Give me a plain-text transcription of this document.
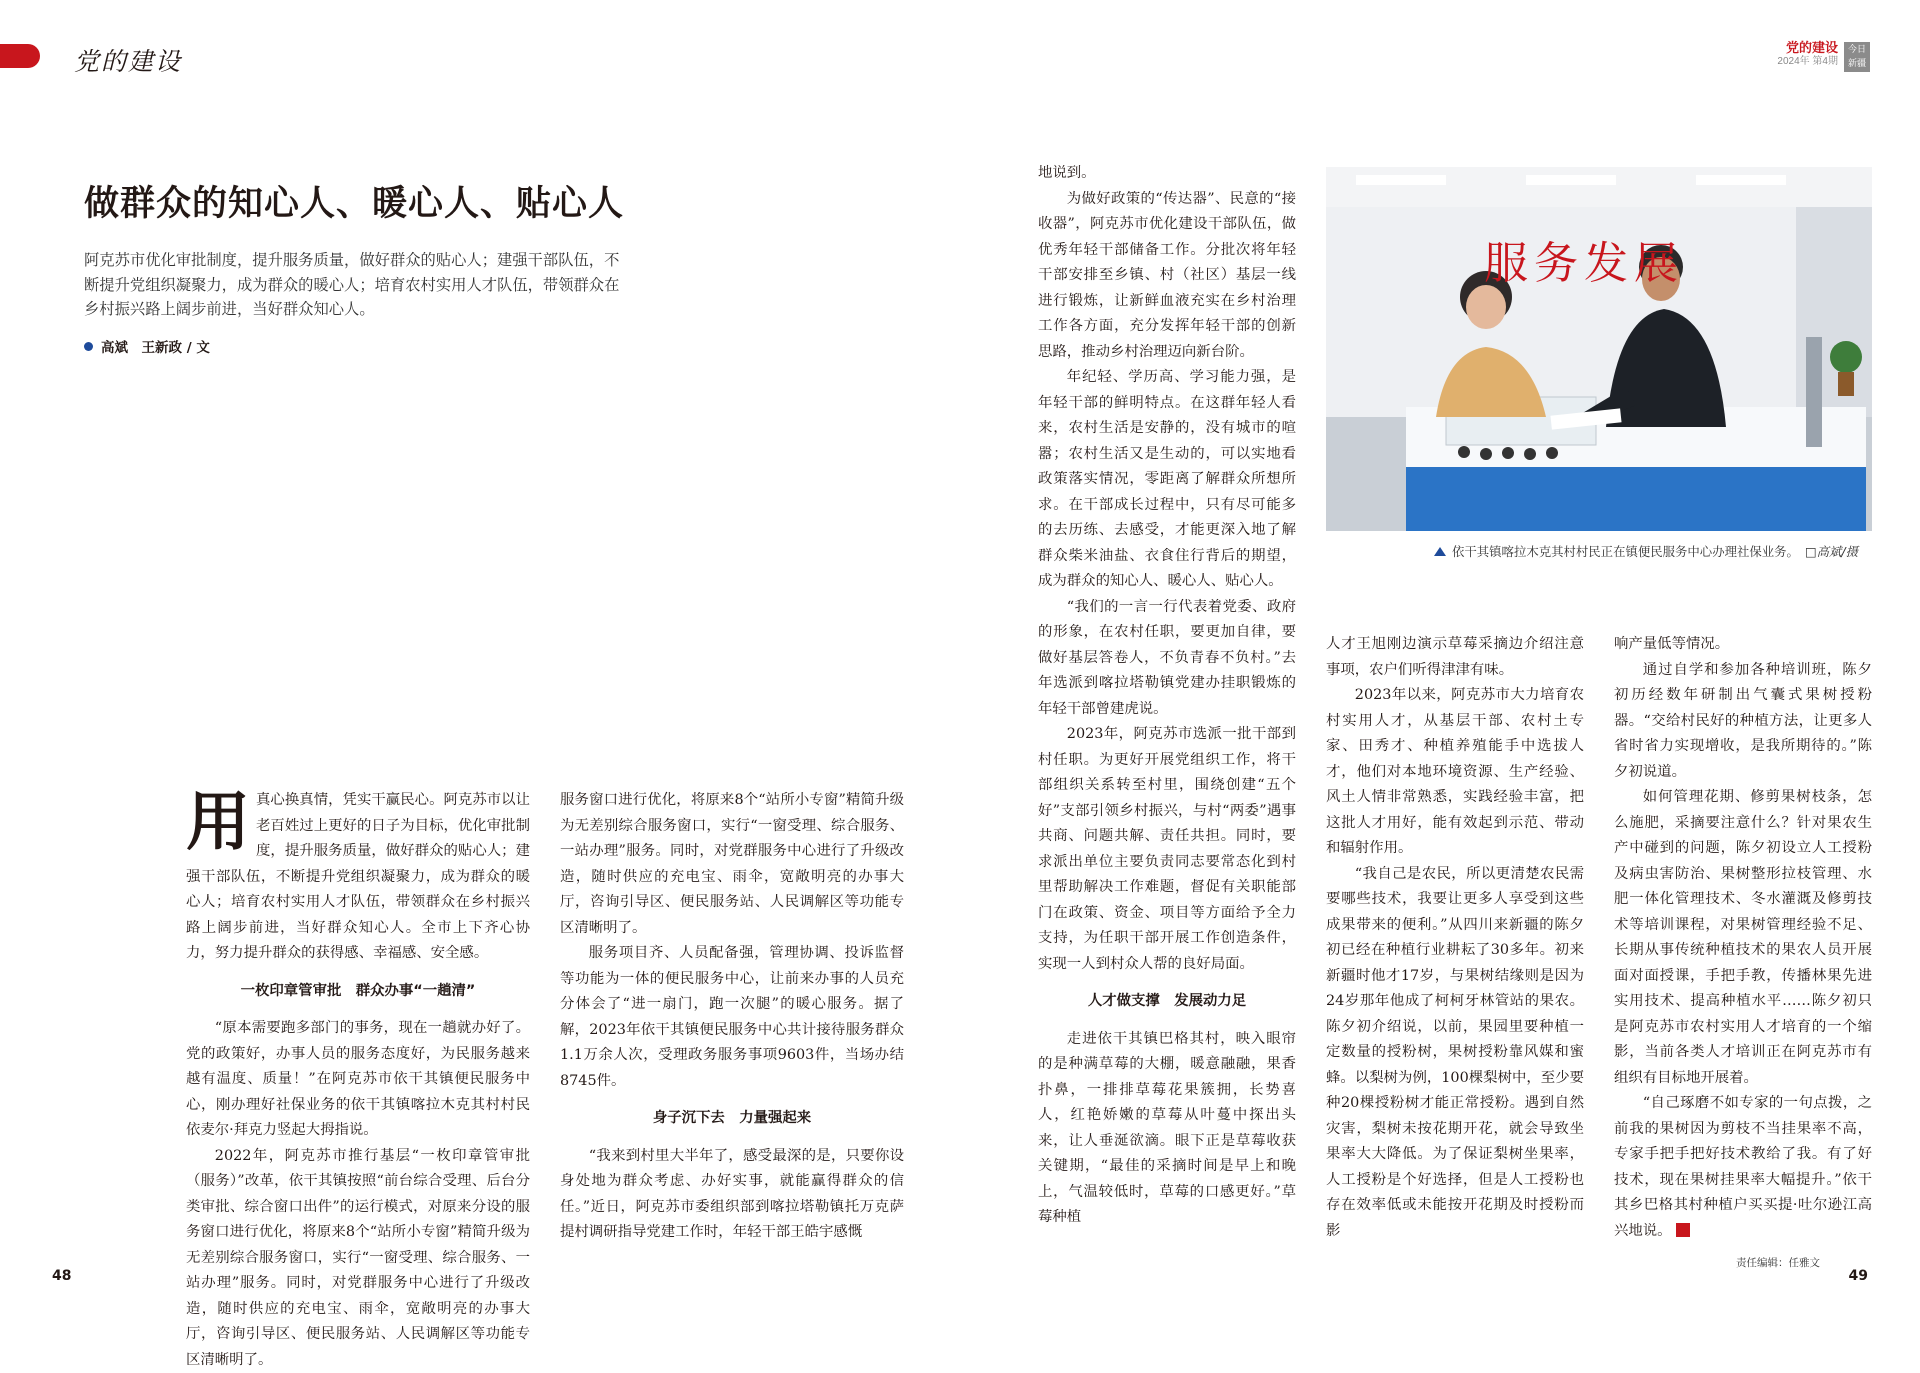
党的建设	党的建设
2024年 第4期
今日新疆
做群众的知心人、暖心人、贴心人
阿克苏市优化审批制度，提升服务质量，做好群众的贴心人；建强干部队伍，不断提升党组织凝聚力，成为群众的暖心人；培育农村实用人才队伍，带领群众在乡村振兴路上阔步前进，当好群众知心人。
高斌　王新政 / 文

用真心换真情，凭实干赢民心。阿克苏市以让老百姓过上更好的日子为目标，优化审批制度，提升服务质量，做好群众的贴心人；建强干部队伍，不断提升党组织凝聚力，成为群众的暖心人；培育农村实用人才队伍，带领群众在乡村振兴路上阔步前进，当好群众知心人。全市上下齐心协力，努力提升群众的获得感、幸福感、安全感。

一枚印章管审批　群众办事“一趟清”

“原本需要跑多部门的事务，现在一趟就办好了。党的政策好，办事人员的服务态度好，为民服务越来越有温度、质量！”在阿克苏市依干其镇便民服务中心，刚办理好社保业务的依干其镇喀拉木克其村村民依麦尔·拜克力竖起大拇指说。

2022年，阿克苏市推行基层“一枚印章管审批（服务）”改革，依干其镇按照“前台综合受理、后台分类审批、综合窗口出件”的运行模式，对原来分设的服务窗口进行优化，将原来8个“站所小专窗”精简升级为无差别综合服务窗口，实行“一窗受理、综合服务、一站办理”服务。同时，对党群服务中心进行了升级改造，随时供应的充电宝、雨伞，宽敞明亮的办事大厅，咨询引导区、便民服务站、人民调解区等功能专区清晰明了。

服务窗口进行优化，将原来8个“站所小专窗”精简升级为无差别综合服务窗口，实行“一窗受理、综合服务、一站办理”服务。同时，对党群服务中心进行了升级改造，随时供应的充电宝、雨伞，宽敞明亮的办事大厅，咨询引导区、便民服务站、人民调解区等功能专区清晰明了。

服务项目齐、人员配备强，管理协调、投诉监督等功能为一体的便民服务中心，让前来办事的人员充分体会了“进一扇门，跑一次腿”的暖心服务。据了解，2023年依干其镇便民服务中心共计接待服务群众1.1万余人次，受理政务服务事项9603件，当场办结8745件。

身子沉下去　力量强起来

“我来到村里大半年了，感受最深的是，只要你设身处地为群众考虑、办好实事，就能赢得群众的信任。”近日，阿克苏市委组织部到喀拉塔勒镇托万克萨提村调研指导党建工作时，年轻干部王皓宇感慨

地说到。

为做好政策的“传达器”、民意的“接收器”，阿克苏市优化建设干部队伍，做优秀年轻干部储备工作。分批次将年轻干部安排至乡镇、村（社区）基层一线进行锻炼，让新鲜血液充实在乡村治理工作各方面，充分发挥年轻干部的创新思路，推动乡村治理迈向新台阶。

年纪轻、学历高、学习能力强，是年轻干部的鲜明特点。在这群年轻人看来，农村生活是安静的，没有城市的喧嚣；农村生活又是生动的，可以实地看政策落实情况，零距离了解群众所想所求。在干部成长过程中，只有尽可能多的去历练、去感受，才能更深入地了解群众柴米油盐、衣食住行背后的期望，成为群众的知心人、暖心人、贴心人。

“我们的一言一行代表着党委、政府的形象，在农村任职，要更加自律，要做好基层答卷人，不负青春不负村。”去年选派到喀拉塔勒镇党建办挂职锻炼的年轻干部曾建虎说。

2023年，阿克苏市选派一批干部到村任职。为更好开展党组织工作，将干部组织关系转至村里，围绕创建“五个好”支部引领乡村振兴，与村“两委”遇事共商、问题共解、责任共担。同时，要求派出单位主要负责同志要常态化到村里帮助解决工作难题，督促有关职能部门在政策、资金、项目等方面给予全力支持，为任职干部开展工作创造条件，实现一人到村众人帮的良好局面。

人才做支撑　发展动力足

走进依干其镇巴格其村，映入眼帘的是种满草莓的大棚，暖意融融，果香扑鼻，一排排草莓花果簇拥，长势喜人，红艳娇嫩的草莓从叶蔓中探出头来，让人垂涎欲滴。眼下正是草莓收获关键期，“最佳的采摘时间是早上和晚上，气温较低时，草莓的口感更好。”草莓种植

服务发展
依干其镇喀拉木克其村村民正在镇便民服务中心办理社保业务。 □高斌/摄

人才王旭刚边演示草莓采摘边介绍注意事项，农户们听得津津有味。

2023年以来，阿克苏市大力培育农村实用人才，从基层干部、农村土专家、田秀才、种植养殖能手中选拔人才，他们对本地环境资源、生产经验、风土人情非常熟悉，实践经验丰富，把这批人才用好，能有效起到示范、带动和辐射作用。

“我自己是农民，所以更清楚农民需要哪些技术，我要让更多人享受到这些成果带来的便利。”从四川来新疆的陈夕初已经在种植行业耕耘了30多年。初来新疆时他才17岁，与果树结缘则是因为24岁那年他成了柯柯牙林管站的果农。陈夕初介绍说，以前，果园里要种植一定数量的授粉树，果树授粉靠风媒和蜜蜂。以梨树为例，100棵梨树中，至少要种20棵授粉树才能正常授粉。遇到自然灾害，梨树未按花期开花，就会导致坐果率大大降低。为了保证梨树坐果率，人工授粉是个好选择，但是人工授粉也存在效率低或未能按开花期及时授粉而影

响产量低等情况。

通过自学和参加各种培训班，陈夕初历经数年研制出气囊式果树授粉器。“交给村民好的种植方法，让更多人省时省力实现增收，是我所期待的。”陈夕初说道。

如何管理花期、修剪果树枝条，怎么施肥，采摘要注意什么？针对果农生产中碰到的问题，陈夕初设立人工授粉及病虫害防治、果树整形拉枝管理、水肥一体化管理技术、冬水灌溉及修剪技术等培训课程，对果树管理经验不足、长期从事传统种植技术的果农人员开展面对面授课，手把手教，传播林果先进实用技术、提高种植水平……陈夕初只是阿克苏市农村实用人才培育的一个缩影，当前各类人才培训正在阿克苏市有组织有目标地开展着。

“自己琢磨不如专家的一句点拨，之前我的果树因为剪枝不当挂果率不高，专家手把手把好技术教给了我。有了好技术，现在果树挂果率大幅提升。”依干其乡巴格其村种植户买买提·吐尔逊江高兴地说。

48
责任编辑：任雅文
49
